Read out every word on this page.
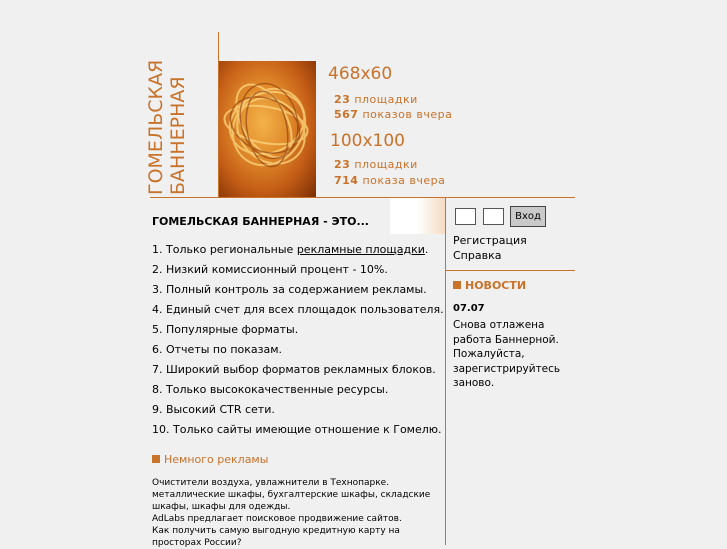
ГОМЕЛЬСКАЯ БАННЕРНАЯ
468x60
23 площадки
567 показов вчера
100x100
23 площадки
714 показа вчера
ГОМЕЛЬСКАЯ БАННЕРНАЯ - ЭТО...
1. Только региональные рекламные площадки.
2. Низкий комиссионный процент - 10%.
3. Полный контроль за содержанием рекламы.
4. Единый счет для всех площадок пользователя.
5. Популярные форматы.
6. Отчеты по показам.
7. Широкий выбор форматов рекламных блоков.
8. Только высококачественные ресурсы.
9. Высокий CTR сети.
10. Только сайты имеющие отношение к Гомелю.
Немного рекламы
Очистители воздуха, увлажнители в Технопарке.
металлические шкафы, бухгалтерские шкафы, складские шкафы, шкафы для одежды.
AdLabs предлагает поисковое продвижение сайтов.
Как получить самую выгодную кредитную карту на просторах России?
Вход
Регистрация
Справка
НОВОСТИ
07.07
Снова отлажена работа Баннерной. Пожалуйста, зарегистрируйтесь заново.
